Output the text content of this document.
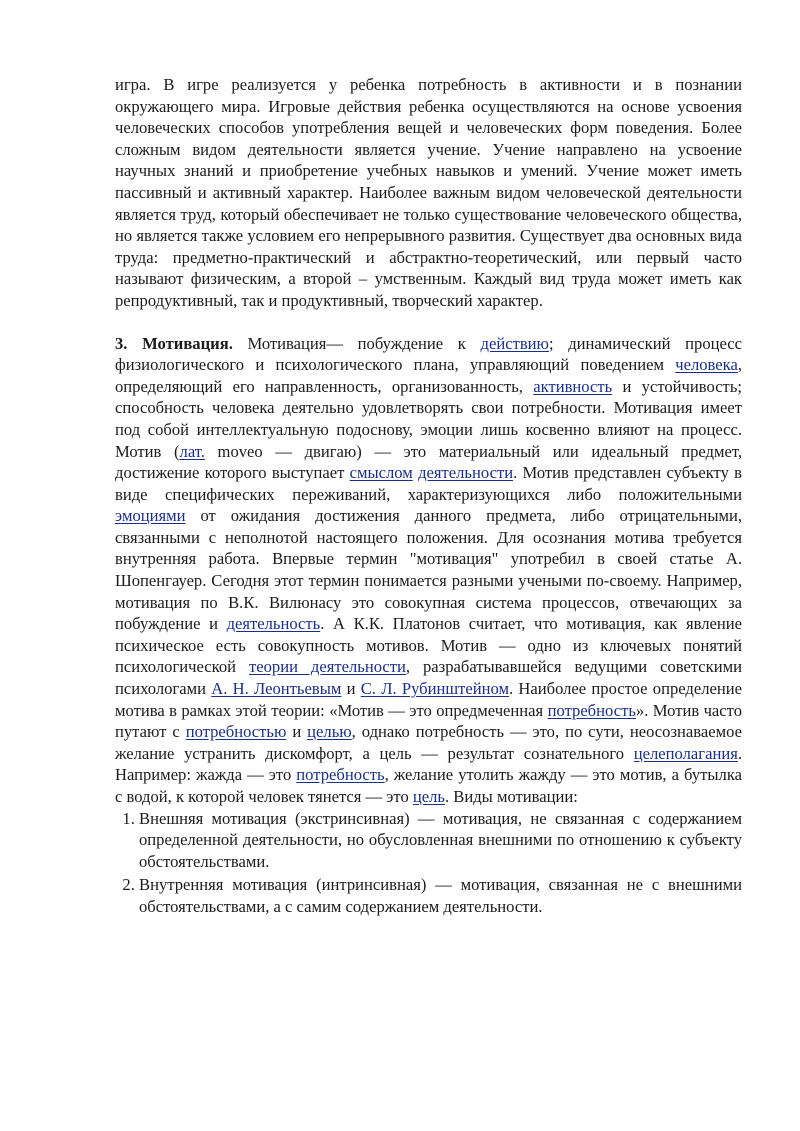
игра. В игре реализуется у ребенка потребность в активности и в познании окружающего мира. Игровые действия ребенка осуществляются на основе усвоения человеческих способов употребления вещей и человеческих форм поведения. Более сложным видом деятельности является учение. Учение направлено на усвоение научных знаний и приобретение учебных навыков и умений. Учение может иметь пассивный и активный характер. Наиболее важным видом человеческой деятельности является труд, который обеспечивает не только существование человеческого общества, но является также условием его непрерывного развития. Существует два основных вида труда: предметно-практический и абстрактно-теоретический, или первый часто называют физическим, а второй – умственным. Каждый вид труда может иметь как репродуктивный, так и продуктивный, творческий характер.

3. Мотивация. Мотивация— побуждение к действию; динамический процесс физиологического и психологического плана, управляющий поведением человека, определяющий его направленность, организованность, активность и устойчивость; способность человека деятельно удовлетворять свои потребности. Мотивация имеет под собой интеллектуальную подоснову, эмоции лишь косвенно влияют на процесс. Мотив (лат. moveo — двигаю) — это материальный или идеальный предмет, достижение которого выступает смыслом деятельности. Мотив представлен субъекту в виде специфических переживаний, характеризующихся либо положительными эмоциями от ожидания достижения данного предмета, либо отрицательными, связанными с неполнотой настоящего положения. Для осознания мотива требуется внутренняя работа. Впервые термин "мотивация" употребил в своей статье А. Шопенгауер. Сегодня этот термин понимается разными учеными по-своему. Например, мотивация по В.К. Вилюнасу это совокупная система процессов, отвечающих за побуждение и деятельность. А К.К. Платонов считает, что мотивация, как явление психическое есть совокупность мотивов. Мотив — одно из ключевых понятий психологической теории деятельности, разрабатывавшейся ведущими советскими психологами А. Н. Леонтьевым и С. Л. Рубинштейном. Наиболее простое определение мотива в рамках этой теории: «Мотив — это опредмеченная потребность». Мотив часто путают с потребностью и целью, однако потребность — это, по сути, неосознаваемое желание устранить дискомфорт, а цель — результат сознательного целеполагания. Например: жажда — это потребность, желание утолить жажду — это мотив, а бутылка с водой, к которой человек тянется — это цель. Виды мотивации:

1. Внешняя мотивация (экстринсивная) — мотивация, не связанная с содержанием определенной деятельности, но обусловленная внешними по отношению к субъекту обстоятельствами.
2. Внутренняя мотивация (интринсивная) — мотивация, связанная не с внешними обстоятельствами, а с самим содержанием деятельности.
